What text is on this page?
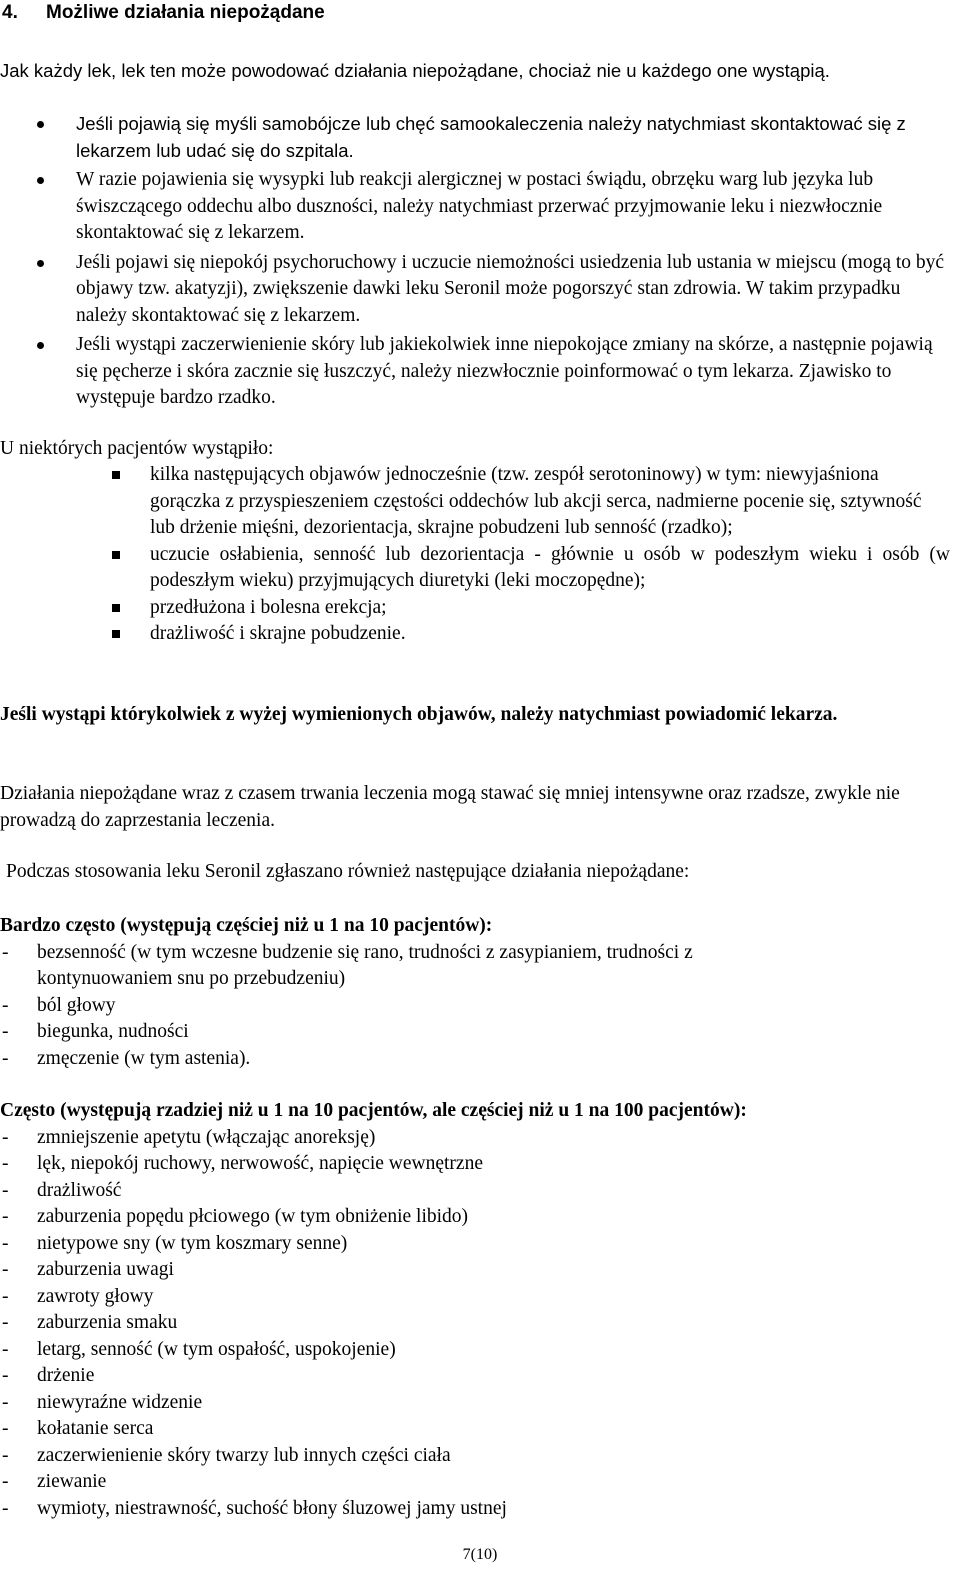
4. Możliwe działania niepożądane

Jak każdy lek, lek ten może powodować działania niepożądane, chociaż nie u każdego one wystąpią.

Jeśli pojawią się myśli samobójcze lub chęć samookaleczenia należy natychmiast skontaktować się z lekarzem lub udać się do szpitala.
W razie pojawienia się wysypki lub reakcji alergicznej w postaci świądu, obrzęku warg lub języka lub świszczącego oddechu albo duszności, należy natychmiast przerwać przyjmowanie leku i niezwłocznie skontaktować się z lekarzem.
Jeśli pojawi się niepokój psychoruchowy i uczucie niemożności usiedzenia lub ustania w miejscu (mogą to być objawy tzw. akatyzji), zwiększenie dawki leku Seronil może pogorszyć stan zdrowia. W takim przypadku należy skontaktować się z lekarzem.
Jeśli wystąpi zaczerwienienie skóry lub jakiekolwiek inne niepokojące zmiany na skórze, a następnie pojawią się pęcherze i skóra zacznie się łuszczyć, należy niezwłocznie poinformować o tym lekarza. Zjawisko to występuje bardzo rzadko.

U niektórych pacjentów wystąpiło:

kilka następujących objawów jednocześnie (tzw. zespół serotoninowy) w tym: niewyjaśniona gorączka z przyspieszeniem częstości oddechów lub akcji serca, nadmierne pocenie się, sztywność lub drżenie mięśni, dezorientacja, skrajne pobudzeni lub senność (rzadko);
uczucie osłabienia, senność lub dezorientacja - głównie u osób w podeszłym wieku i osób (w podeszłym wieku) przyjmujących diuretyki (leki moczopędne);
przedłużona i bolesna erekcja;
drażliwość i skrajne pobudzenie.

Jeśli wystąpi którykolwiek z wyżej wymienionych objawów, należy natychmiast powiadomić lekarza.

Działania niepożądane wraz z czasem trwania leczenia mogą stawać się mniej intensywne oraz rzadsze, zwykle nie prowadzą do zaprzestania leczenia.

Podczas stosowania leku Seronil zgłaszano również następujące działania niepożądane:

Bardzo często (występują częściej niż u 1 na 10 pacjentów):
- bezsenność (w tym wczesne budzenie się rano, trudności z zasypianiem, trudności z kontynuowaniem snu po przebudzeniu)
- ból głowy
- biegunka, nudności
- zmęczenie (w tym astenia).
Często (występują rzadziej niż u 1 na 10 pacjentów, ale częściej niż u 1 na 100 pacjentów):
- zmniejszenie apetytu (włączając anoreksję)
- lęk, niepokój ruchowy, nerwowość, napięcie wewnętrzne
- drażliwość
- zaburzenia popędu płciowego (w tym obniżenie libido)
- nietypowe sny (w tym koszmary senne)
- zaburzenia uwagi
- zawroty głowy
- zaburzenia smaku
- letarg, senność (w tym ospałość, uspokojenie)
- drżenie
- niewyraźne widzenie
- kołatanie serca
- zaczerwienienie skóry twarzy lub innych części ciała
- ziewanie
- wymioty, niestrawność, suchość błony śluzowej jamy ustnej
7(10)
